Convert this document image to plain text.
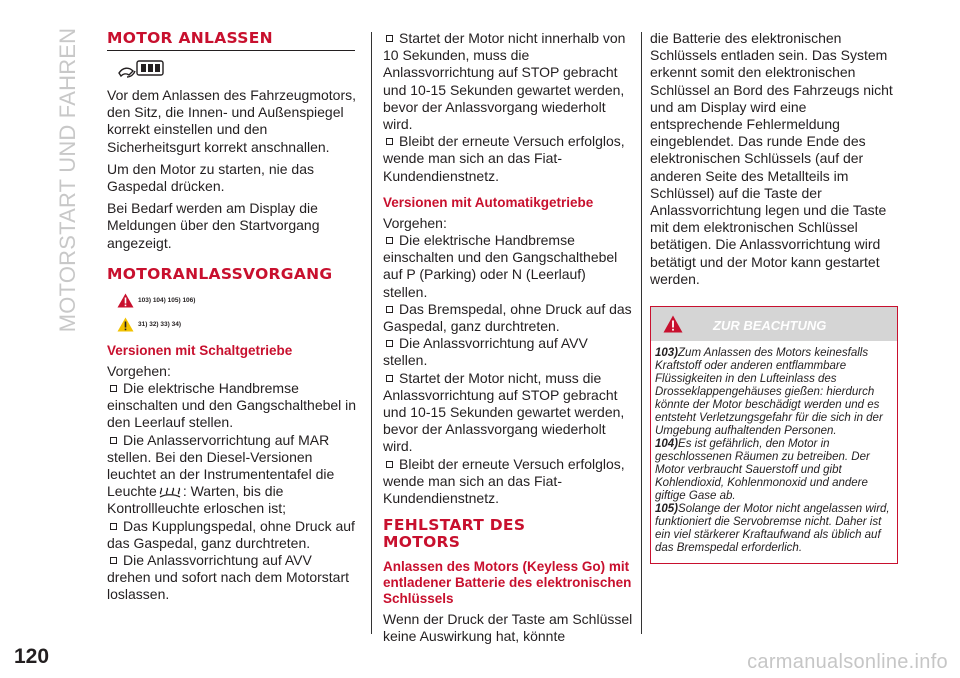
MOTORSTART UND FAHREN MOTOR ANLASSEN

Vor dem Anlassen des Fahrzeugmotors, den Sitz, die Innen- und Außenspiegel korrekt einstellen und den Sicherheitsgurt korrekt anschnallen.

Um den Motor zu starten, nie das Gaspedal drücken.

Bei Bedarf werden am Display die Meldungen über den Startvorgang angezeigt.

MOTORANLASSVORGANG
103) 104) 105) 106)
31) 32) 33) 34)
Versionen mit Schaltgetriebe

Vorgehen:

Die elektrische Handbremse einschalten und den Gangschalthebel in den Leerlauf stellen.

Die Anlasservorrichtung auf MAR stellen. Bei den Diesel-Versionen leuchtet an der Instrumententafel die Leuchte : Warten, bis die Kontrollleuchte erloschen ist;

Das Kupplungspedal, ohne Druck auf das Gaspedal, ganz durchtreten.

Die Anlassvorrichtung auf AVV drehen und sofort nach dem Motorstart loslassen.

Startet der Motor nicht innerhalb von 10 Sekunden, muss die Anlassvorrichtung auf STOP gebracht und 10-15 Sekunden gewartet werden, bevor der Anlassvorgang wiederholt wird.

Bleibt der erneute Versuch erfolglos, wende man sich an das Fiat-Kundendienstnetz.

Versionen mit Automatikgetriebe

Vorgehen:

Die elektrische Handbremse einschalten und den Gangschalthebel auf P (Parking) oder N (Leerlauf) stellen.

Das Bremspedal, ohne Druck auf das Gaspedal, ganz durchtreten.

Die Anlassvorrichtung auf AVV stellen.

Startet der Motor nicht, muss die Anlassvorrichtung auf STOP gebracht und 10-15 Sekunden gewartet werden, bevor der Anlassvorgang wiederholt wird.

Bleibt der erneute Versuch erfolglos, wende man sich an das Fiat-Kundendienstnetz.

FEHLSTART DES
MOTORS
Anlassen des Motors (Keyless Go) mit entladener Batterie des elektronischen Schlüssels

Wenn der Druck der Taste am Schlüssel keine Auswirkung hat, könnte

die Batterie des elektronischen Schlüssels entladen sein. Das System erkennt somit den elektronischen Schlüssel an Bord des Fahrzeugs nicht und am Display wird eine entsprechende Fehlermeldung eingeblendet. Das runde Ende des elektronischen Schlüssels (auf der anderen Seite des Metallteils im Schlüssel) auf die Taste der Anlassvorrichtung legen und die Taste mit dem elektronischen Schlüssel betätigen. Die Anlassvorrichtung wird betätigt und der Motor kann gestartet werden.

ZUR BEACHTUNG
103)Zum Anlassen des Motors keinesfalls Kraftstoff oder anderen entflammbare Flüssigkeiten in den Lufteinlass des Drosseklappengehäuses gießen: hierdurch könnte der Motor beschädigt werden und es entsteht Verletzungsgefahr für die sich in der Umgebung aufhaltenden Personen.
104)Es ist gefährlich, den Motor in geschlossenen Räumen zu betreiben. Der Motor verbraucht Sauerstoff und gibt Kohlendioxid, Kohlenmonoxid und andere giftige Gase ab.
105)Solange der Motor nicht angelassen wird, funktioniert die Servobremse nicht. Daher ist ein viel stärkerer Kraftaufwand als üblich auf das Bremspedal erforderlich.
120	carmanualsonline.info
